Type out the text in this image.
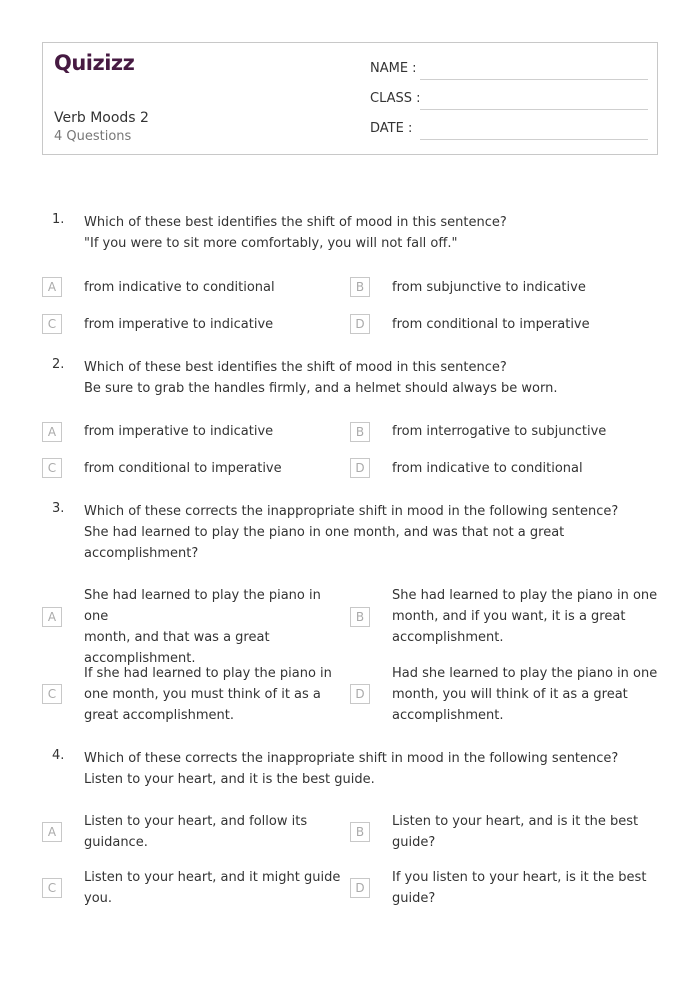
Quizizz
Verb Moods 2
4 Questions
NAME :
CLASS :
DATE :
1. Which of these best identifies the shift of mood in this sentence?
"If you were to sit more comfortably, you will not fall off."
A	from indicative to conditional	B	from subjunctive to indicative
C	from imperative to indicative	D	from conditional to imperative
2. Which of these best identifies the shift of mood in this sentence?
Be sure to grab the handles firmly, and a helmet should always be worn.
A	from imperative to indicative	B	from interrogative to subjunctive
C	from conditional to imperative	D	from indicative to conditional
3. Which of these corrects the inappropriate shift in mood in the following sentence?
She had learned to play the piano in one month, and was that not a great
accomplishment?
A
She had learned to play the piano in one
month, and that was a great
accomplishment.
B
She had learned to play the piano in one
month, and if you want, it is a great
accomplishment.
C
If she had learned to play the piano in
one month, you must think of it as a
great accomplishment.
D
Had she learned to play the piano in one
month, you will think of it as a great
accomplishment.
4. Which of these corrects the inappropriate shift in mood in the following sentence?
Listen to your heart, and it is the best guide.
A
Listen to your heart, and follow its
guidance.
B
Listen to your heart, and is it the best
guide?
C
Listen to your heart, and it might guide
you.
D
If you listen to your heart, is it the best
guide?
